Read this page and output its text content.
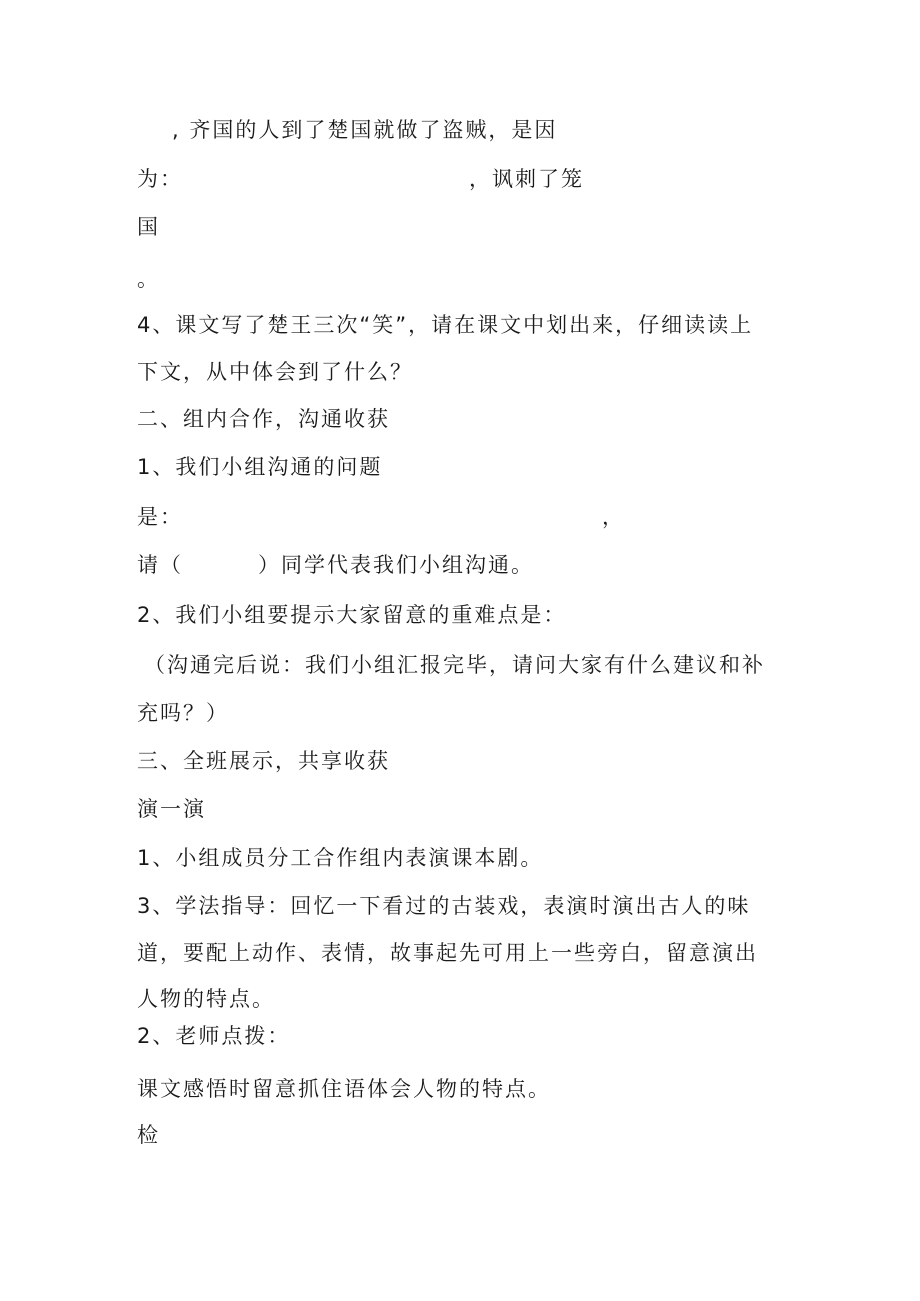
, 齐国的人到了楚国就做了盗贼，是因
为：	，讽刺了笼
国
。
4、课文写了楚王三次“笑”，请在课文中划出来，仔细读读上
下文，从中体会到了什么？
二、组内合作，沟通收获
1、我们小组沟通的问题
是：	，
请（	）同学代表我们小组沟通。
2、我们小组要提示大家留意的重难点是：
（沟通完后说：我们小组汇报完毕，请问大家有什么建议和补
充吗？）
三、全班展示，共享收获
演一演
1、小组成员分工合作组内表演课本剧。
3、学法指导：回忆一下看过的古装戏，表演时演出古人的味
道，要配上动作、表情，故事起先可用上一些旁白，留意演出
人物的特点。
2、老师点拨：
课文感悟时留意抓住语体会人物的特点。
检
